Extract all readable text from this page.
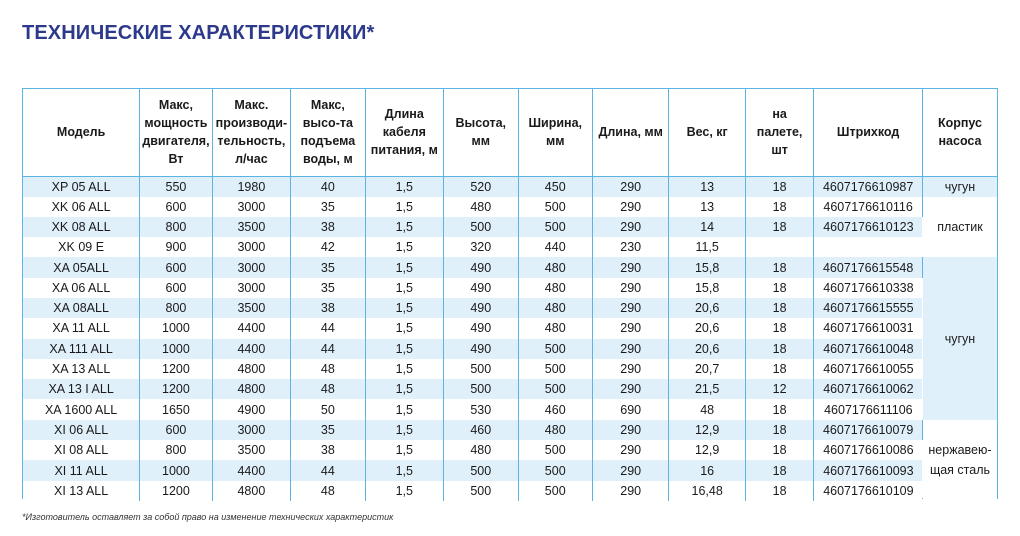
ТЕХНИЧЕСКИЕ ХАРАКТЕРИСТИКИ*
Модель	Макс, мощность двигателя, Вт	Макс. производи-тельность, л/час	Макс, высо-та подъема воды, м	Длина кабеля питания, м	Высота, мм	Ширина, мм	Длина, мм	Вес, кг	на палете, шт	Штрихкод	Корпус насоса
XP 05 ALL	550	1980	40	1,5	520	450	290	13	18	4607176610987	чугун
XK 06 ALL	600	3000	35	1,5	480	500	290	13	18	4607176610116	пластик
XK 08 ALL	800	3500	38	1,5	500	500	290	14	18	4607176610123	
XK 09 E	900	3000	42	1,5	320	440	230	11,5			
XA 05ALL	600	3000	35	1,5	490	480	290	15,8	18	4607176615548	чугун
XA 06 ALL	600	3000	35	1,5	490	480	290	15,8	18	4607176610338	
XA 08ALL	800	3500	38	1,5	490	480	290	20,6	18	4607176615555	
XA 11 ALL	1000	4400	44	1,5	490	480	290	20,6	18	4607176610031	
XA 111 ALL	1000	4400	44	1,5	490	500	290	20,6	18	4607176610048	
XA 13 ALL	1200	4800	48	1,5	500	500	290	20,7	18	4607176610055	
XA 13 I ALL	1200	4800	48	1,5	500	500	290	21,5	12	4607176610062	
XA 1600 ALL	1650	4900	50	1,5	530	460	690	48	18	4607176611106	
XI 06 ALL	600	3000	35	1,5	460	480	290	12,9	18	4607176610079	нержавею-щая сталь
XI 08 ALL	800	3500	38	1,5	480	500	290	12,9	18	4607176610086	
XI 11 ALL	1000	4400	44	1,5	500	500	290	16	18	4607176610093	
XI 13 ALL	1200	4800	48	1,5	500	500	290	16,48	18	4607176610109	
*Изготовитель оставляет за собой право на изменение технических характеристик
